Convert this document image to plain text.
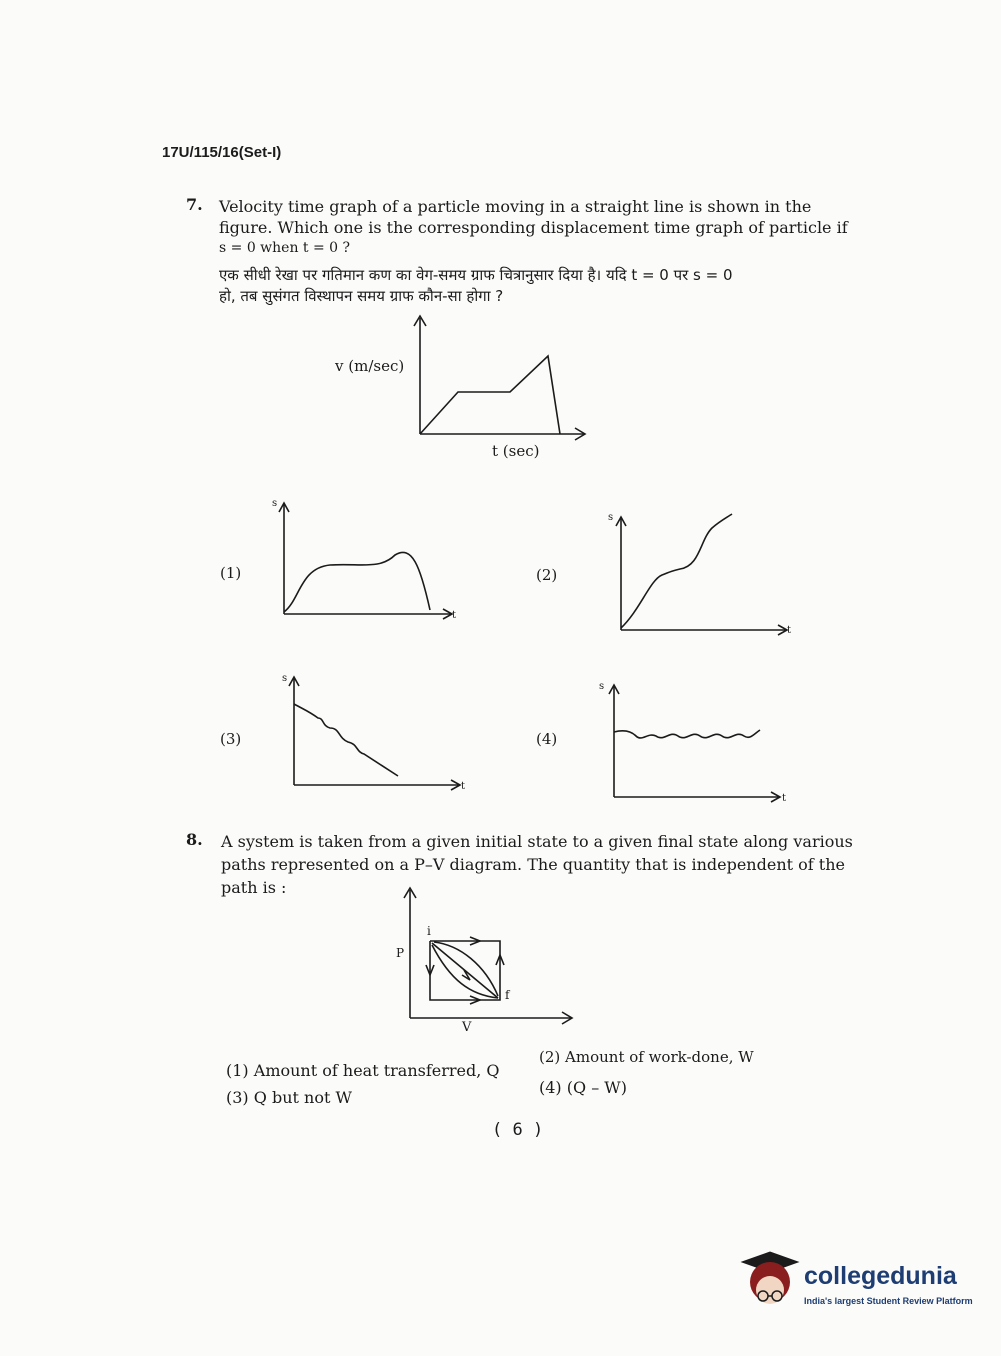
17U/115/16(Set-I)
7. Velocity time graph of a particle moving in a straight line is shown in the
figure. Which one is the corresponding displacement time graph of particle if
s = 0 when t = 0 ?
एक सीधी रेखा पर गतिमान कण का वेग-समय ग्राफ चित्रानुसार दिया है। यदि t = 0 पर s = 0
हो, तब सुसंगत विस्थापन समय ग्राफ कौन-सा होगा ?
v (m/sec)
t (sec)
(1)
s
t
(2)
s
t
(3)
s
t
(4)
s
t
8. A system is taken from a given initial state to a given final state along various
paths represented on a P–V diagram. The quantity that is independent of the
path is :
P
V
i
f
(1) Amount of heat transferred, Q
(2) Amount of work-done, W
(3) Q but not W
(4) (Q – W)
( 6 )
collegedunia
India's largest Student Review Platform
